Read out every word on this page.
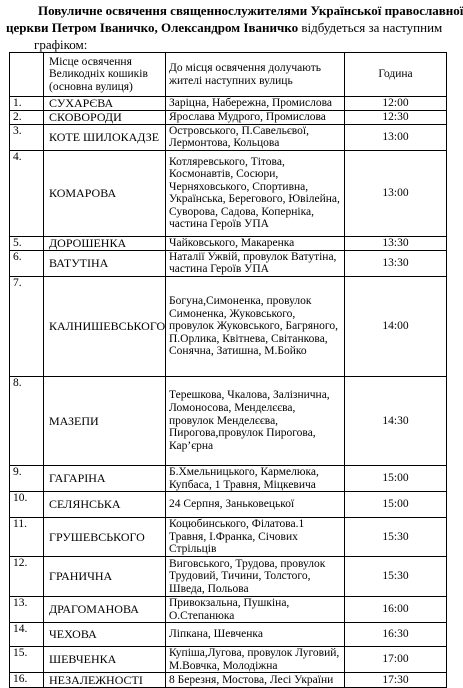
Повуличне освячення священнослужителями Української православної
церкви Петром Іваничко, Олександром Іваничко відбудеться за наступним
графіком:
	Місце освячення Великодніх кошиків (основна вулиця)	До місця освячення долучають жителі наступних вулиць	Година
1.	СУХАРЄВА	Заріцна, Набережна, Промислова	12:00
2.	СКОВОРОДИ	Ярослава Мудрого, Промислова	12:30
3.	КОТЕ ШИЛОКАДЗЕ	Островського, П.Савельєвої, Лермонтова, Кольцова	13:00
4.	КОМАРОВА	Котляревського, Тітова, Космонавтів, Сосюри, Черняховського, Спортивна, Українська, Берегового, Ювілейна, Суворова, Садова, Коперніка, частина Героїв УПА	13:00
5.	ДОРОШЕНКА	Чайковського, Макаренка	13:30
6.	ВАТУТІНА	Наталії Ужвій, провулок Ватутіна, частина Героїв УПА	13:30
7.	КАЛНИШЕВСЬКОГО	Богуна,Симоненка, провулок Симоненка, Жуковського, провулок Жуковського, Багряного, П.Орлика, Квітнева, Світанкова, Сонячна, Затишна, М.Бойко	14:00
8.	МАЗЕПИ	Терешкова, Чкалова, Залізнична, Ломоносова, Менделєєва, провулок Менделєєва, Пирогова,провулок Пирогова, Кар’єрна	14:30
9.	ГАГАРІНА	Б.Хмельницького, Кармелюка, Купбаса, 1 Травня, Міцкевича	15:00
10.	СЕЛЯНСЬКА	24 Серпня, Заньковецької	15:00
11.	ГРУШЕВСЬКОГО	Коцюбинського, Філатова.1 Травня, І.Франка, Січових Стрільців	15:30
12.	ГРАНИЧНА	Виговського, Трудова, провулок Трудовий, Тичини, Толстого, Шведа, Польова	15:30
13.	ДРАГОМАНОВА	Привокзальна, Пушкіна, О.Степанюка	16:00
14.	ЧЕХОВА	Ліпкана, Шевченка	16:30
15.	ШЕВЧЕНКА	Купіша,Лугова, провулок Луговий, М.Вовчка, Молодіжна	17:00
16.	НЕЗАЛЕЖНОСТІ	8 Березня, Мостова, Лесі України	17:30
